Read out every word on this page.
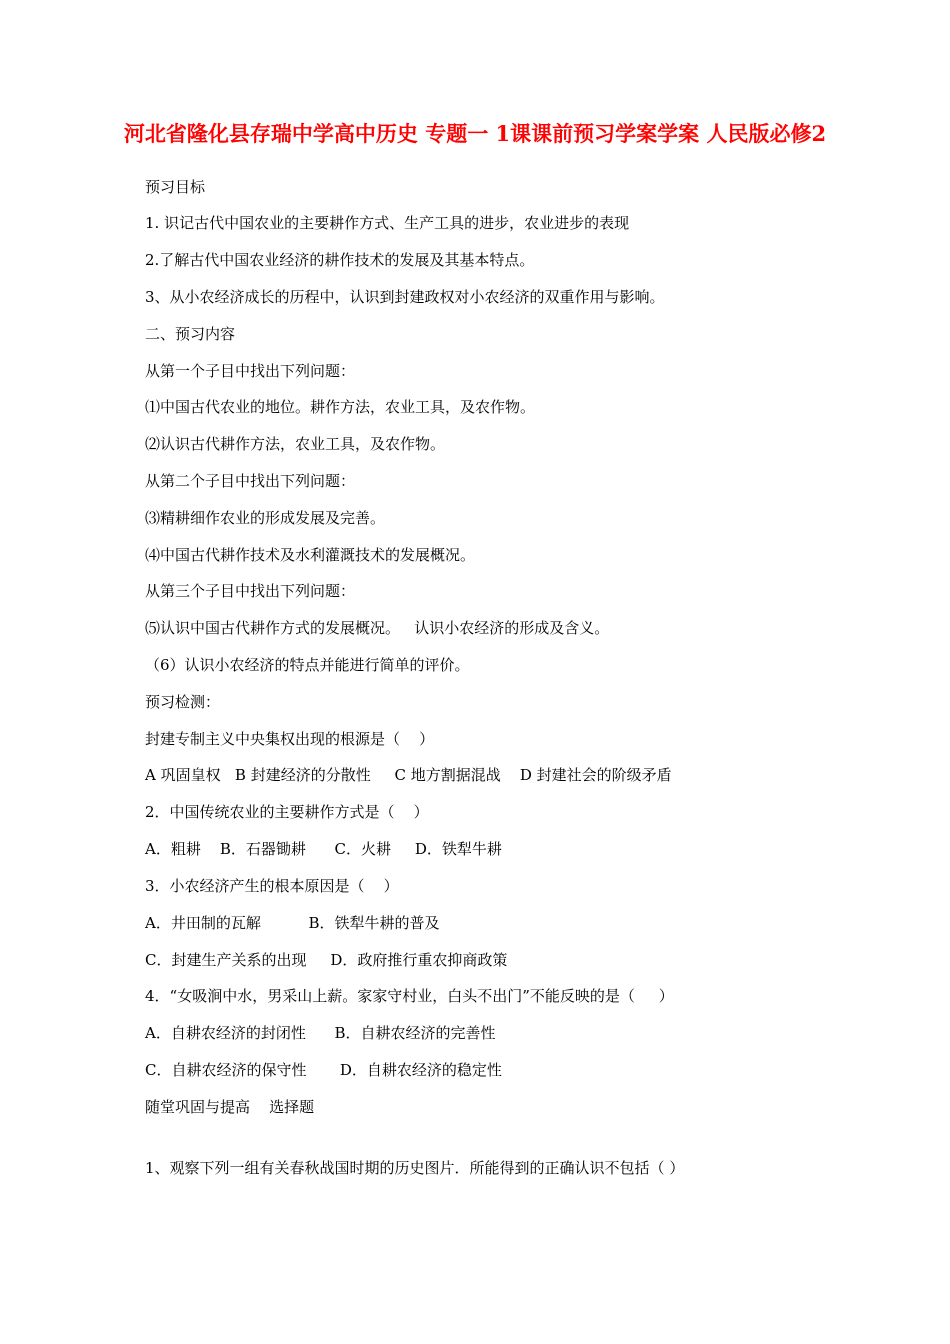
河北省隆化县存瑞中学高中历史 专题一 1课课前预习学案学案 人民版必修2
预习目标
1. 识记古代中国农业的主要耕作方式、生产工具的进步，农业进步的表现
2.了解古代中国农业经济的耕作技术的发展及其基本特点。
3、从小农经济成长的历程中，认识到封建政权对小农经济的双重作用与影响。
二、预习内容
从第一个子目中找出下列问题：
⑴中国古代农业的地位。耕作方法，农业工具，及农作物。
⑵认识古代耕作方法，农业工具，及农作物。
从第二个子目中找出下列问题：
⑶精耕细作农业的形成发展及完善。
⑷中国古代耕作技术及水利灌溉技术的发展概况。
从第三个子目中找出下列问题：
⑸认识中国古代耕作方式的发展概况。   认识小农经济的形成及含义。
（6）认识小农经济的特点并能进行简单的评价。
预习检测：
封建专制主义中央集权出现的根源是（    ）
A 巩固皇权   B 封建经济的分散性     C 地方割据混战    D 封建社会的阶级矛盾
2．中国传统农业的主要耕作方式是（    ）
A．粗耕    B．石器锄耕      C．火耕     D．铁犁牛耕
3．小农经济产生的根本原因是（    ）
A．井田制的瓦解          B．铁犁牛耕的普及
C．封建生产关系的出现     D．政府推行重农抑商政策
4．“女吸涧中水，男采山上薪。家家守村业，白头不出门”不能反映的是（     ）
A．自耕农经济的封闭性      B．自耕农经济的完善性
C．自耕农经济的保守性       D．自耕农经济的稳定性
随堂巩固与提高    选择题
1、观察下列一组有关春秋战国时期的历史图片．所能得到的正确认识不包括（ ）
